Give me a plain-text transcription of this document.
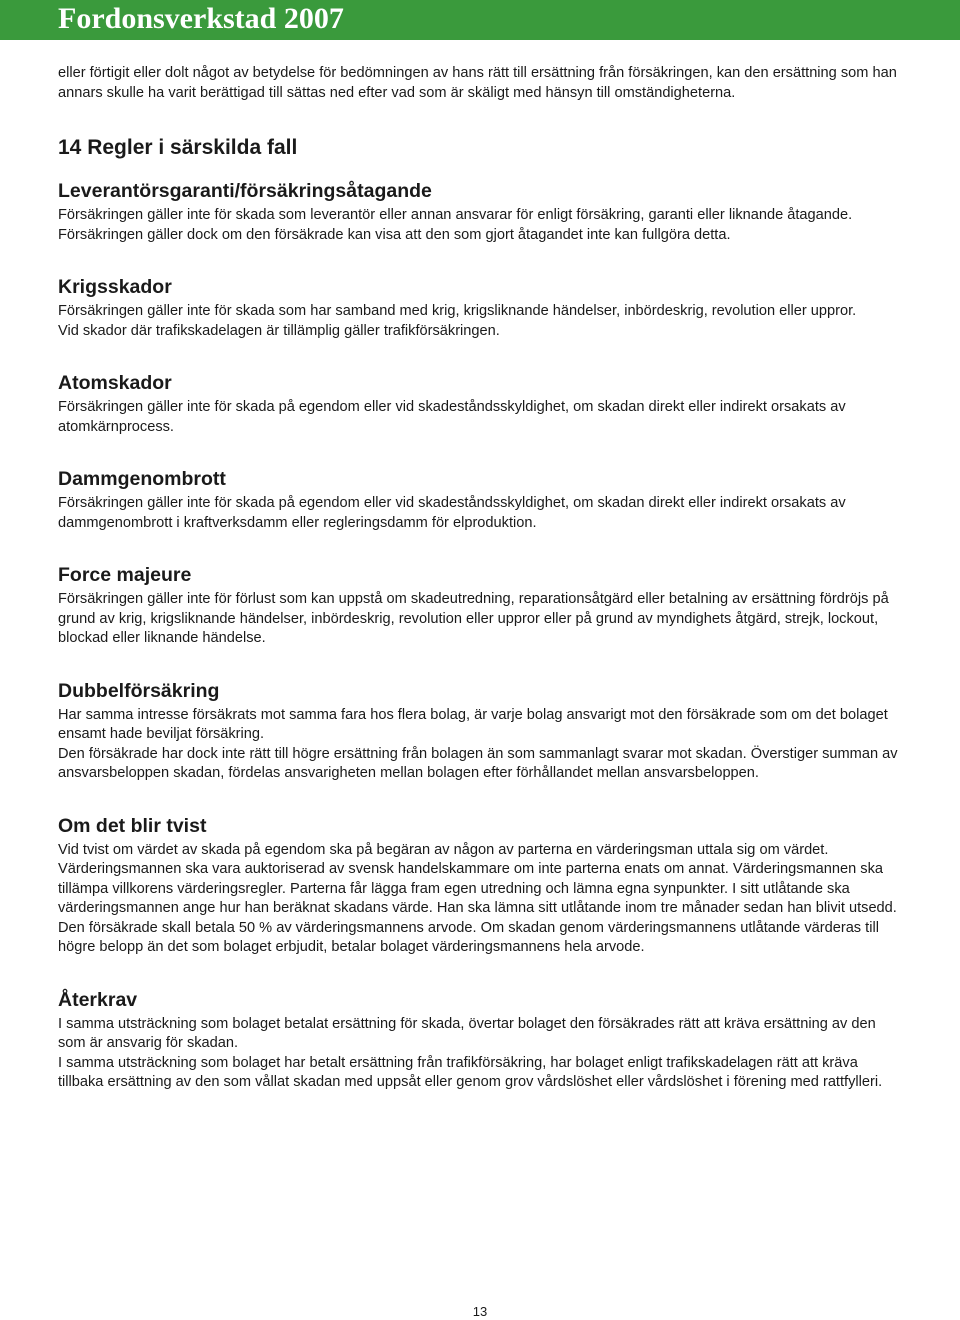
Fordonsverkstad 2007

eller förtigit eller dolt något av betydelse för bedömningen av hans rätt till ersättning från försäkringen, kan den ersättning som han annars skulle ha varit berättigad till sättas ned efter vad som är skäligt med hänsyn till omständigheterna.

14 Regler i särskilda fall
Leverantörsgaranti/försäkringsåtagande

Försäkringen gäller inte för skada som leverantör eller annan ansvarar för enligt försäkring, garanti eller liknande åtagande. Försäkringen gäller dock om den försäkrade kan visa att den som gjort åtagandet inte kan fullgöra detta.

Krigsskador

Försäkringen gäller inte för skada som har samband med krig, krigsliknande händelser, inbördeskrig, revolution eller uppror.

Vid skador där trafikskadelagen är tillämplig gäller trafikförsäkringen.

Atomskador

Försäkringen gäller inte för skada på egendom eller vid skadeståndsskyldighet, om skadan direkt eller indirekt orsakats av atomkärnprocess.

Dammgenombrott

Försäkringen gäller inte för skada på egendom eller vid skadeståndsskyldighet, om skadan direkt eller indirekt orsakats av dammgenombrott i kraftverksdamm eller regleringsdamm för elproduktion.

Force majeure

Försäkringen gäller inte för förlust som kan uppstå om skadeutredning, reparationsåtgärd eller betalning av ersättning fördröjs på grund av krig, krigsliknande händelser, inbördeskrig, revolution eller uppror eller på grund av myndighets åtgärd, strejk, lockout, blockad eller liknande händelse.

Dubbelförsäkring

Har samma intresse försäkrats mot samma fara hos flera bolag, är varje bolag ansvarigt mot den försäkrade som om det bolaget ensamt hade beviljat försäkring.

Den försäkrade har dock inte rätt till högre ersättning från bolagen än som sammanlagt svarar mot skadan. Överstiger summan av ansvarsbeloppen skadan, fördelas ansvarigheten mellan bolagen efter förhållandet mellan ansvarsbeloppen.

Om det blir tvist

Vid tvist om värdet av skada på egendom ska på begäran av någon av parterna en värderingsman uttala sig om värdet. Värderingsmannen ska vara auktoriserad av svensk handelskammare om inte parterna enats om annat. Värderingsmannen ska tillämpa villkorens värderingsregler. Parterna får lägga fram egen utredning och lämna egna synpunkter. I sitt utlåtande ska värderingsmannen ange hur han beräknat skadans värde. Han ska lämna sitt utlåtande inom tre månader sedan han blivit utsedd.

Den försäkrade skall betala 50 % av värderingsmannens arvode. Om skadan genom värderingsmannens utlåtande värderas till högre belopp än det som bolaget erbjudit, betalar bolaget värderingsmannens hela arvode.

Återkrav

I samma utsträckning som bolaget betalat ersättning för skada, övertar bolaget den försäkrades rätt att kräva ersättning av den som är ansvarig för skadan.

I samma utsträckning som bolaget har betalt ersättning från trafikförsäkring, har bolaget enligt trafikskadelagen rätt att kräva tillbaka ersättning av den som vållat skadan med uppsåt eller genom grov vårdslöshet eller vårdslöshet i förening med rattfylleri.

13
